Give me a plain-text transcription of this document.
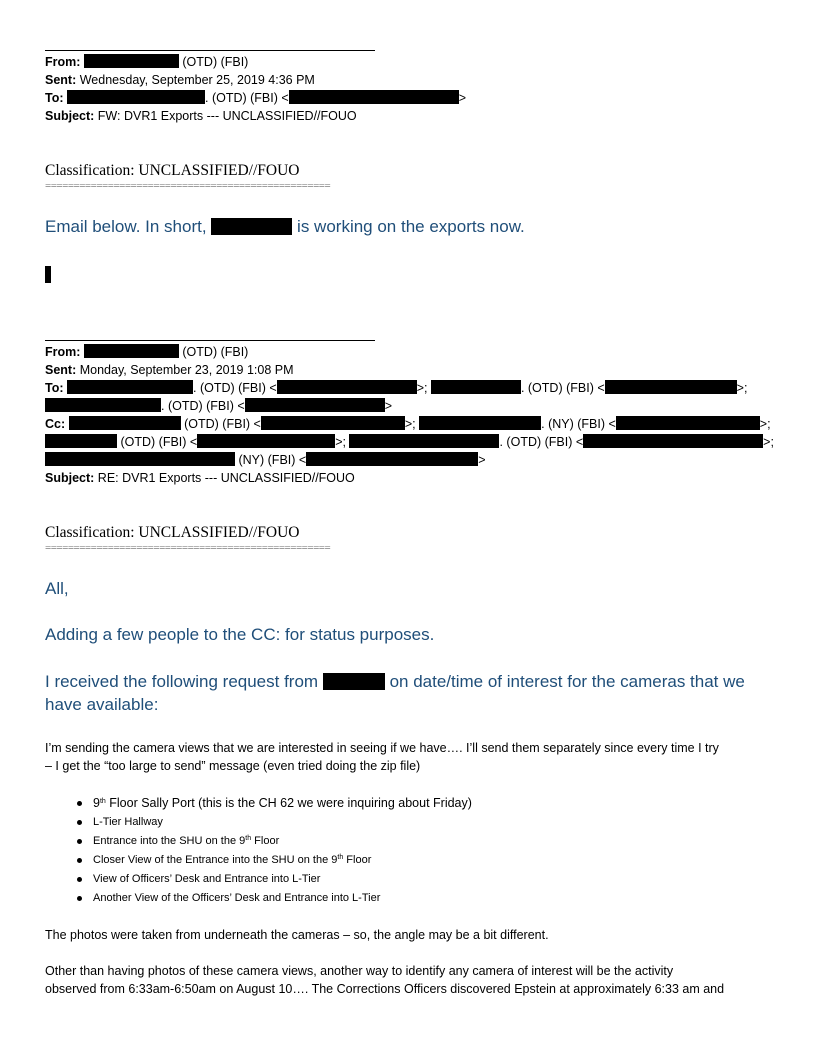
From:	(OTD) (FBI)
Sent: Wednesday, September 25, 2019 4:36 PM
To:	. (OTD) (FBI) <	>
Subject: FW: DVR1 Exports --- UNCLASSIFIED//FOUO
Classification: UNCLASSIFIED//FOUO
==================================================
Email below. In short,	is working on the exports now.
From:	(OTD) (FBI)
Sent: Monday, September 23, 2019 1:08 PM
To:	. (OTD) (FBI) <	>;	. (OTD) (FBI) <	>;
. (OTD) (FBI) <	>
Cc:	(OTD) (FBI) <	>;	. (NY) (FBI) <	>;
(OTD) (FBI) <	>;	. (OTD) (FBI) <	>;
(NY) (FBI) <	>
Subject: RE: DVR1 Exports --- UNCLASSIFIED//FOUO
Classification: UNCLASSIFIED//FOUO
==================================================
All,
Adding a few people to the CC: for status purposes.
I received the following request from	on date/time of interest for the cameras that we
have available:
I’m sending the camera views that we are interested in seeing if we have…. I’ll send them separately since every time I try
– I get the “too large to send” message (even tried doing the zip file)
9th Floor Sally Port (this is the CH 62 we were inquiring about Friday)
L-Tier Hallway
Entrance into the SHU on the 9th Floor
Closer View of the Entrance into the SHU on the 9th Floor
View of Officers’ Desk and Entrance into L-Tier
Another View of the Officers’ Desk and Entrance into L-Tier
The photos were taken from underneath the cameras – so, the angle may be a bit different.
Other than having photos of these camera views, another way to identify any camera of interest will be the activity
observed from 6:33am-6:50am on August 10…. The Corrections Officers discovered Epstein at approximately 6:33 am and
